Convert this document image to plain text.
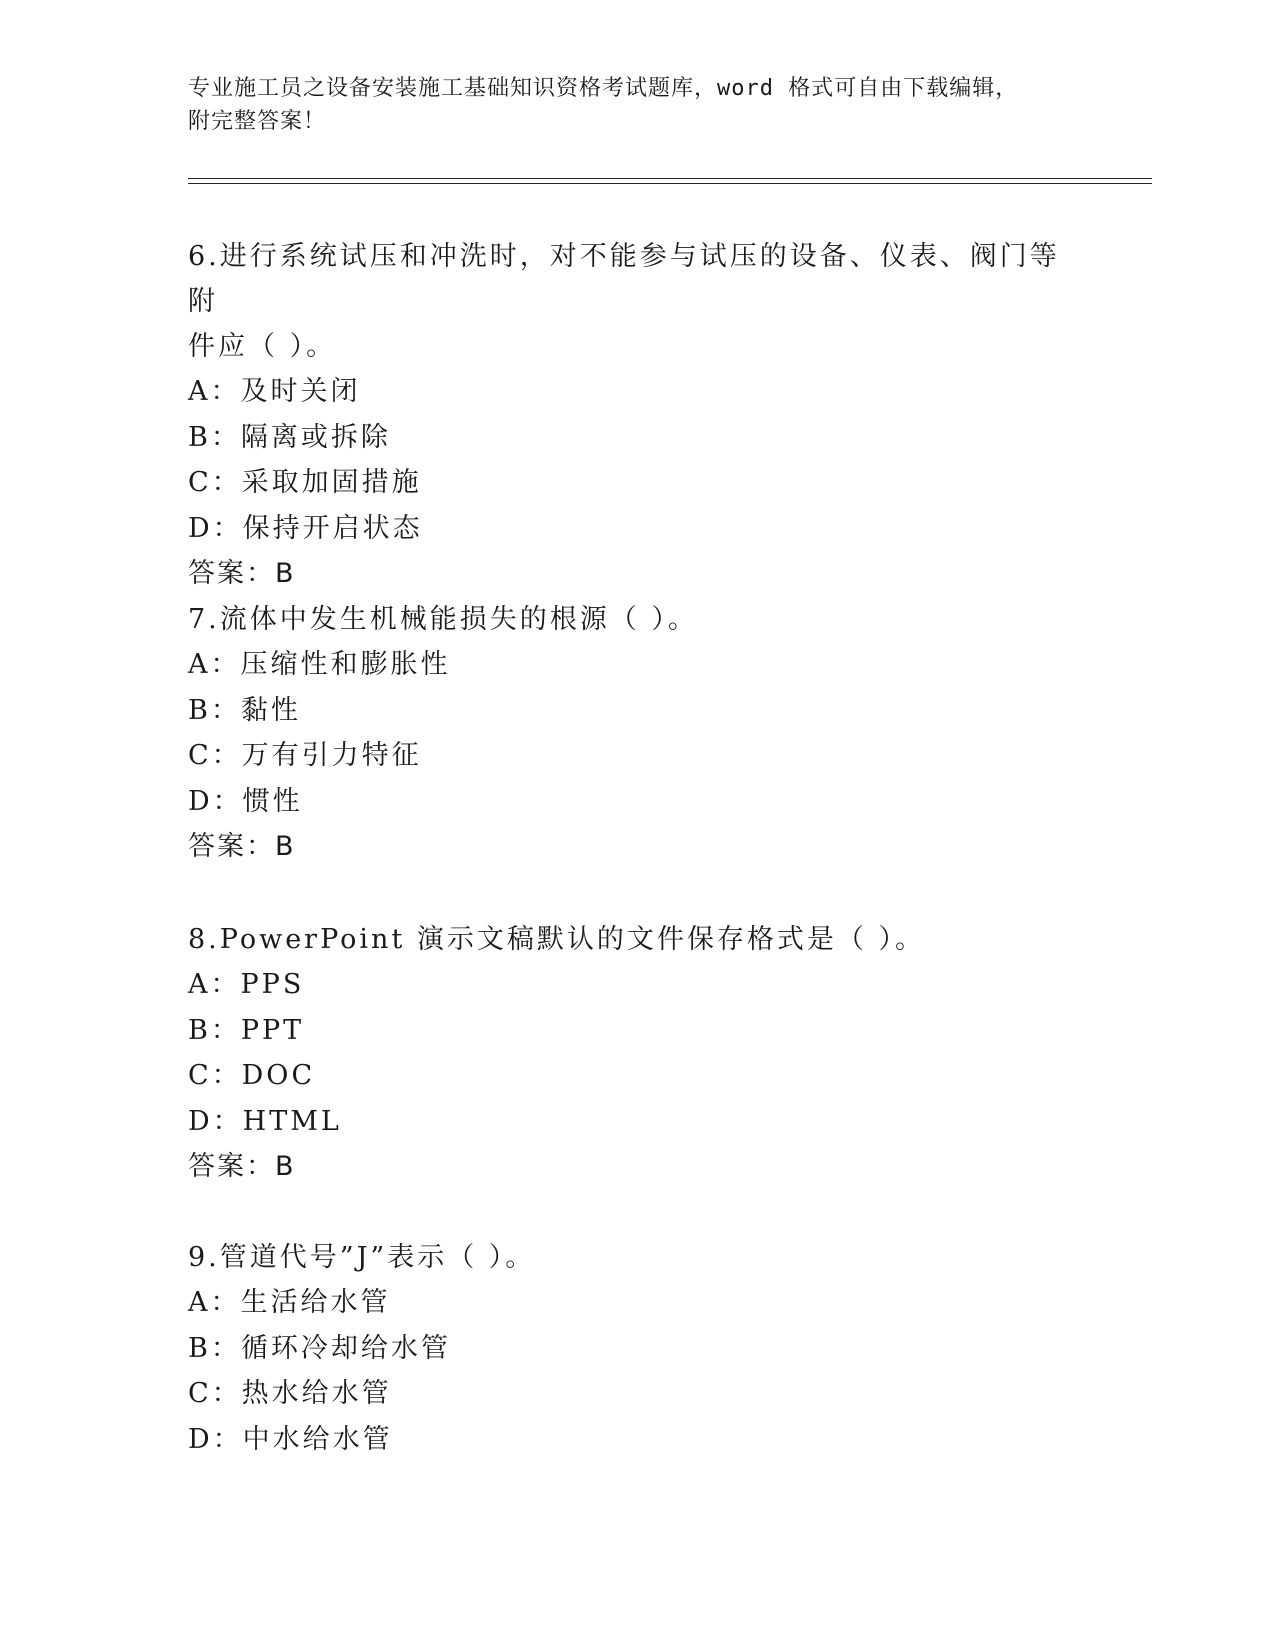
专业施工员之设备安装施工基础知识资格考试题库，word 格式可自由下载编辑，
附完整答案！
6.进行系统试压和冲洗时，对不能参与试压的设备、仪表、阀门等附
件应（ ）。
A：及时关闭
B：隔离或拆除
C：采取加固措施
D：保持开启状态
答案：B
7.流体中发生机械能损失的根源（ ）。
A：压缩性和膨胀性
B：黏性
C：万有引力特征
D：惯性
答案：B
8.PowerPoint 演示文稿默认的文件保存格式是（ ）。
A：PPS
B：PPT
C：DOC
D：HTML
答案：B
9.管道代号”J”表示（ ）。
A：生活给水管
B：循环冷却给水管
C：热水给水管
D：中水给水管
